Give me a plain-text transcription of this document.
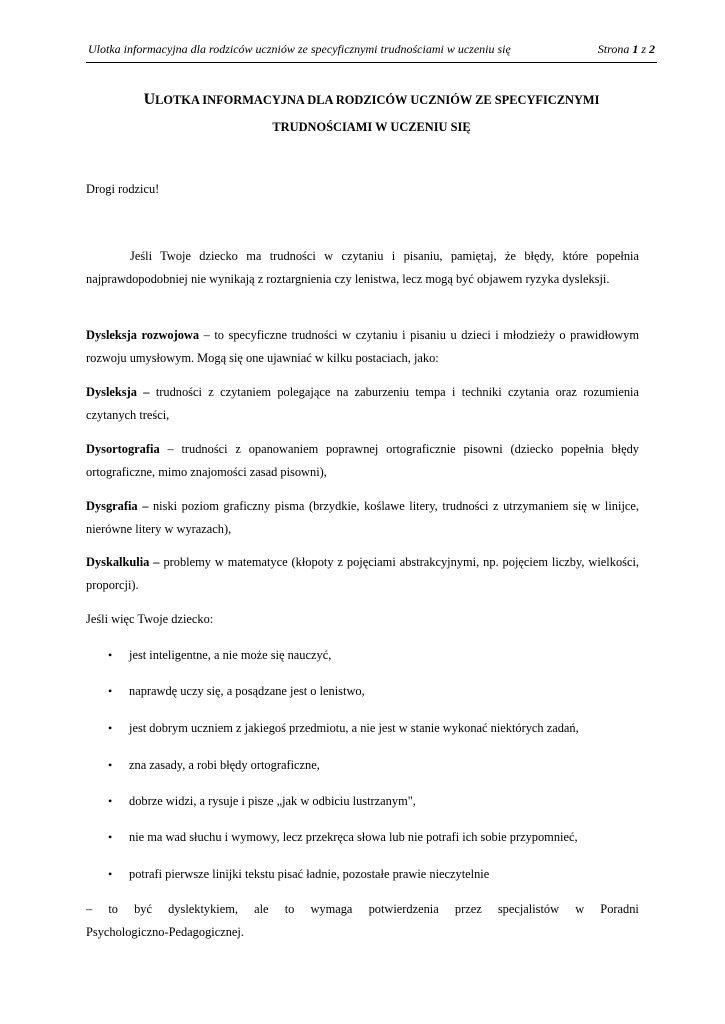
Ulotka informacyjna dla rodziców uczniów ze specyficznymi trudnościami w uczeniu się	Strona 1 z 2
ULOTKA INFORMACYJNA DLA RODZICÓW UCZNIÓW ZE SPECYFICZNYMI
TRUDNOŚCIAMI W UCZENIU SIĘ
Drogi rodzicu!
Jeśli Twoje dziecko ma trudności w czytaniu i pisaniu, pamiętaj, że błędy, które popełnia najprawdopodobniej nie wynikają z roztargnienia czy lenistwa, lecz mogą być objawem ryzyka dysleksji.
Dysleksja rozwojowa – to specyficzne trudności w czytaniu i pisaniu u dzieci i młodzieży o prawidłowym rozwoju umysłowym. Mogą się one ujawniać w kilku postaciach, jako:
Dysleksja – trudności z czytaniem polegające na zaburzeniu tempa i techniki czytania oraz rozumienia czytanych treści,
Dysortografia – trudności z opanowaniem poprawnej ortograficznie pisowni (dziecko popełnia błędy ortograficzne, mimo znajomości zasad pisowni),
Dysgrafia – niski poziom graficzny pisma (brzydkie, koślawe litery, trudności z utrzymaniem się w linijce, nierówne litery w wyrazach),
Dyskalkulia – problemy w matematyce (kłopoty z pojęciami abstrakcyjnymi, np. pojęciem liczby, wielkości, proporcji).
Jeśli więc Twoje dziecko:
• jest inteligentne, a nie może się nauczyć,
• naprawdę uczy się, a posądzane jest o lenistwo,
• jest dobrym uczniem z jakiegoś przedmiotu, a nie jest w stanie wykonać niektórych zadań,
• zna zasady, a robi błędy ortograficzne,
• dobrze widzi, a rysuje i pisze „jak w odbiciu lustrzanym",
• nie ma wad słuchu i wymowy, lecz przekręca słowa lub nie potrafi ich sobie przypomnieć,
• potrafi pierwsze linijki tekstu pisać ładnie, pozostałe prawie nieczytelnie
– to być dyslektykiem, ale to wymaga potwierdzenia przez specjalistów w Poradni
Psychologiczno-Pedagogicznej.
